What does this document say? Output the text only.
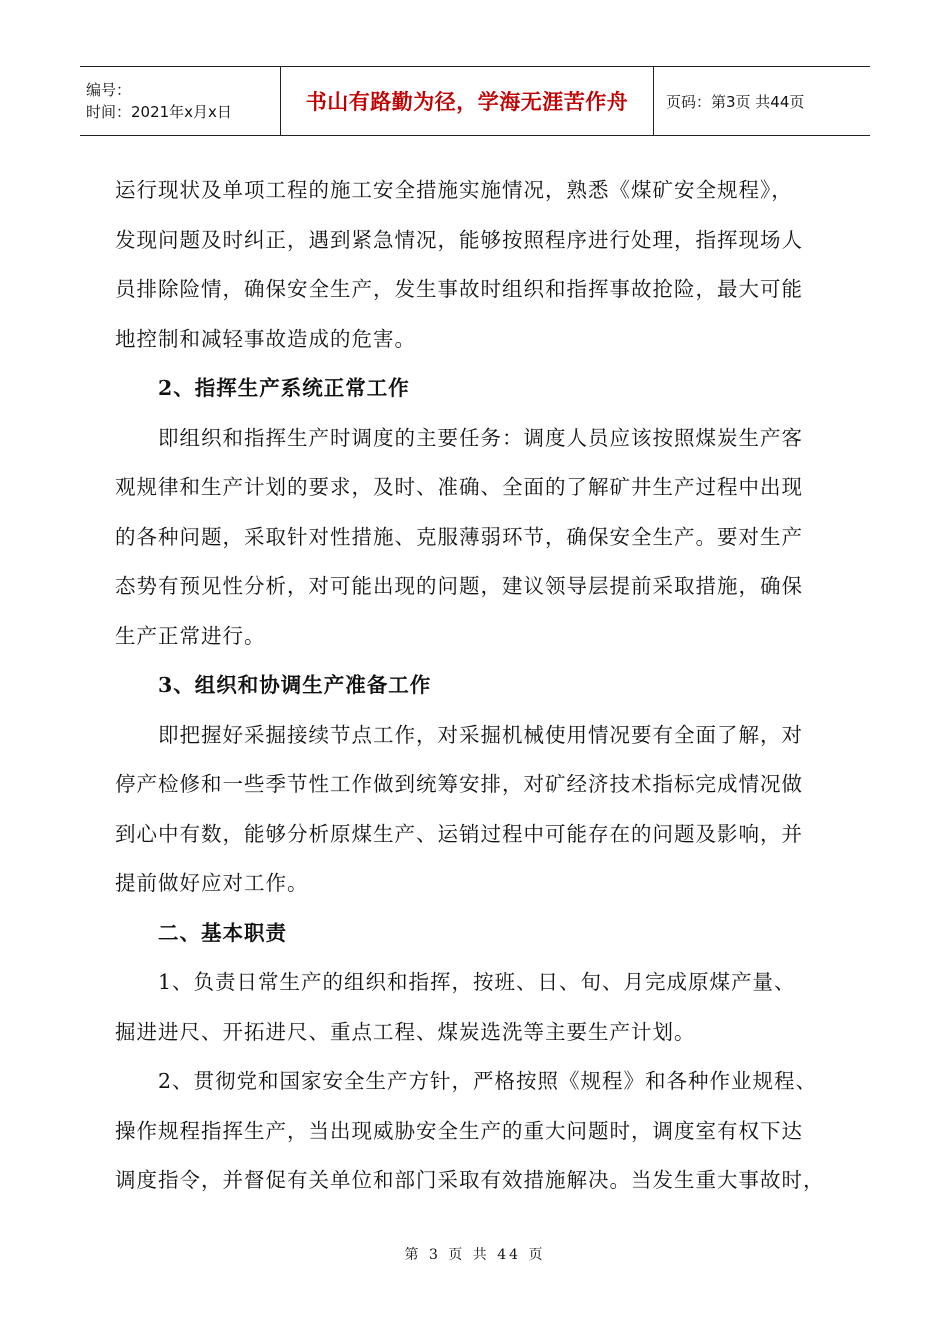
编号：
时间：2021年x月x日	书山有路勤为径，学海无涯苦作舟	页码：第3页 共44页
运行现状及单项工程的施工安全措施实施情况，熟悉《煤矿安全规程》，
发现问题及时纠正，遇到紧急情况，能够按照程序进行处理，指挥现场人
员排除险情，确保安全生产，发生事故时组织和指挥事故抢险，最大可能
地控制和减轻事故造成的危害。
2、指挥生产系统正常工作
即组织和指挥生产时调度的主要任务：调度人员应该按照煤炭生产客
观规律和生产计划的要求，及时、准确、全面的了解矿井生产过程中出现
的各种问题，采取针对性措施、克服薄弱环节，确保安全生产。要对生产
态势有预见性分析，对可能出现的问题，建议领导层提前采取措施，确保
生产正常进行。
3、组织和协调生产准备工作
即把握好采掘接续节点工作，对采掘机械使用情况要有全面了解，对
停产检修和一些季节性工作做到统筹安排，对矿经济技术指标完成情况做
到心中有数，能够分析原煤生产、运销过程中可能存在的问题及影响，并
提前做好应对工作。
二、基本职责
1、负责日常生产的组织和指挥，按班、日、旬、月完成原煤产量、
掘进进尺、开拓进尺、重点工程、煤炭选洗等主要生产计划。
2、贯彻党和国家安全生产方针，严格按照《规程》和各种作业规程、
操作规程指挥生产，当出现威胁安全生产的重大问题时，调度室有权下达
调度指令，并督促有关单位和部门采取有效措施解决。当发生重大事故时，
第 3 页 共 44 页
